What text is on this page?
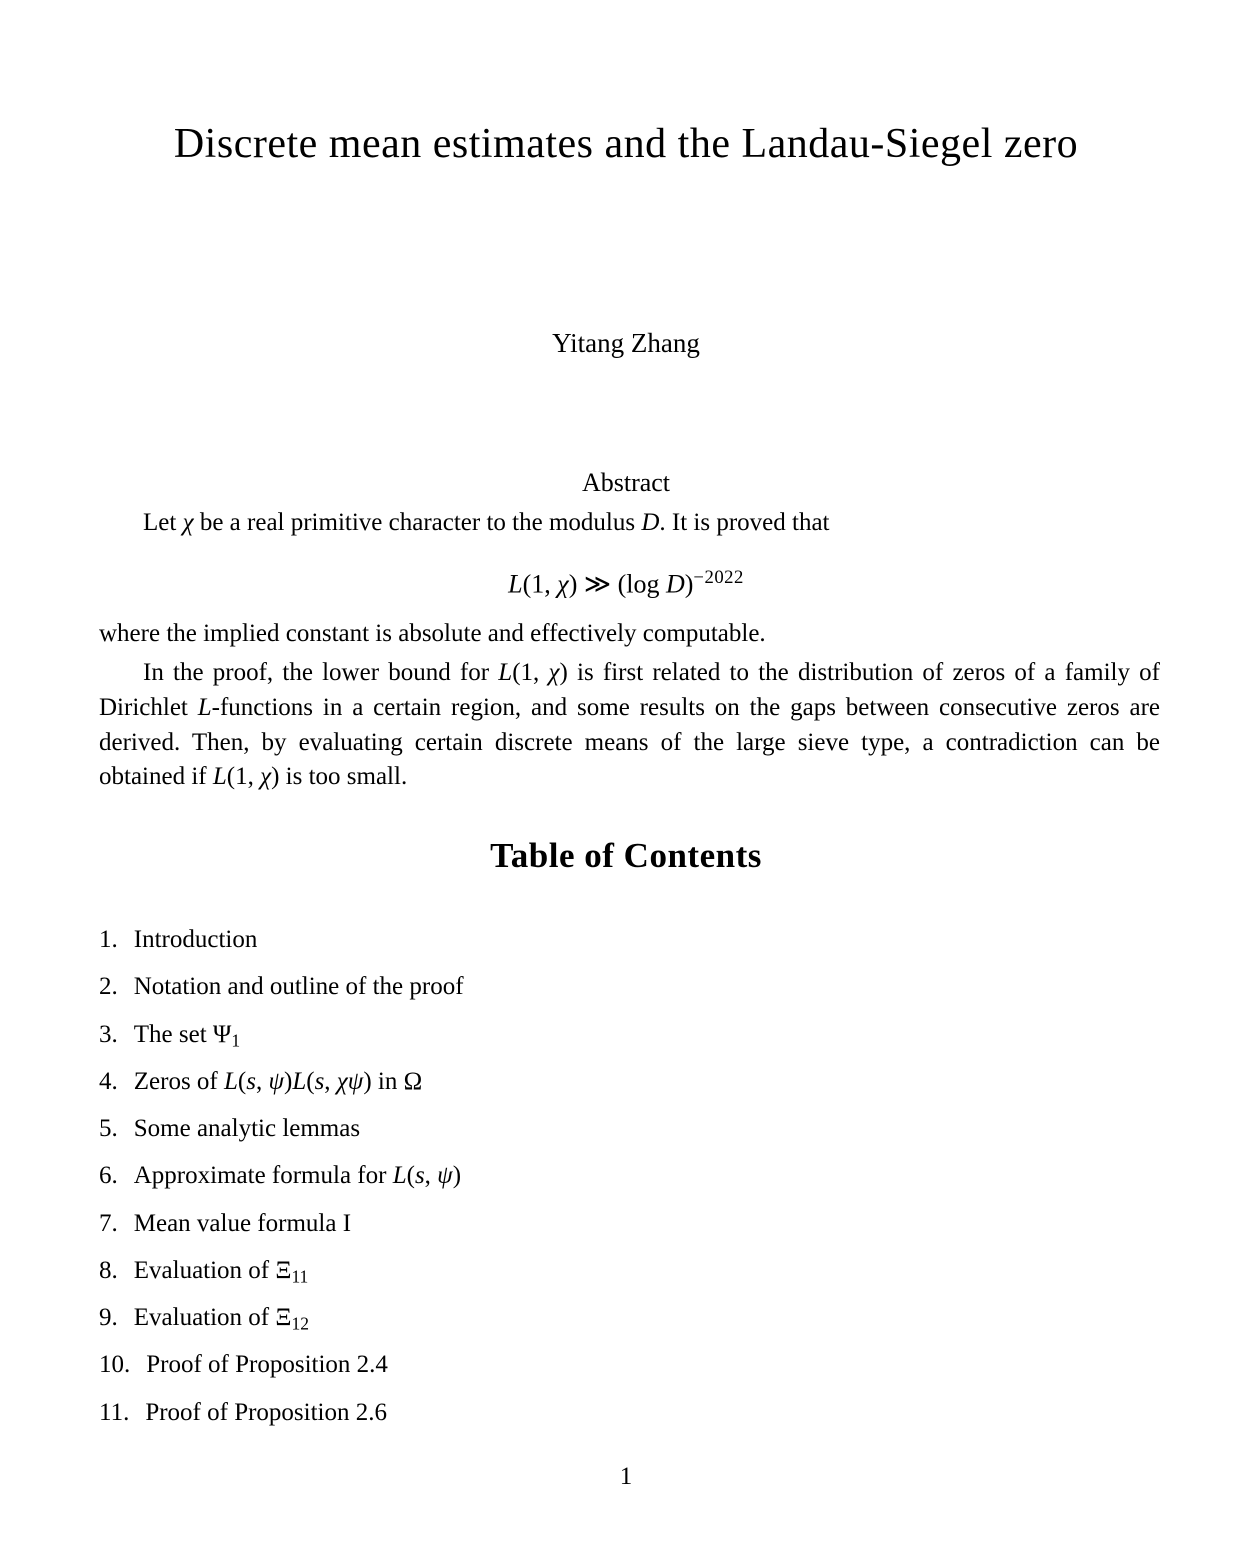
Discrete mean estimates and the Landau-Siegel zero
Yitang Zhang
Abstract
Let χ be a real primitive character to the modulus D. It is proved that
L(1, χ) ≫ (log D)$^{-2022}$
where the implied constant is absolute and effectively computable.
In the proof, the lower bound for L(1, χ) is first related to the distribution of zeros of a family of Dirichlet L-functions in a certain region, and some results on the gaps between consecutive zeros are derived. Then, by evaluating certain discrete means of the large sieve type, a contradiction can be obtained if L(1, χ) is too small.
Table of Contents
1. Introduction
2. Notation and outline of the proof
3. The set Ψ1
4. Zeros of L(s, ψ)L(s, χψ) in Ω
5. Some analytic lemmas
6. Approximate formula for L(s, ψ)
7. Mean value formula I
8. Evaluation of Ξ11
9. Evaluation of Ξ12
10. Proof of Proposition 2.4
11. Proof of Proposition 2.6
1
